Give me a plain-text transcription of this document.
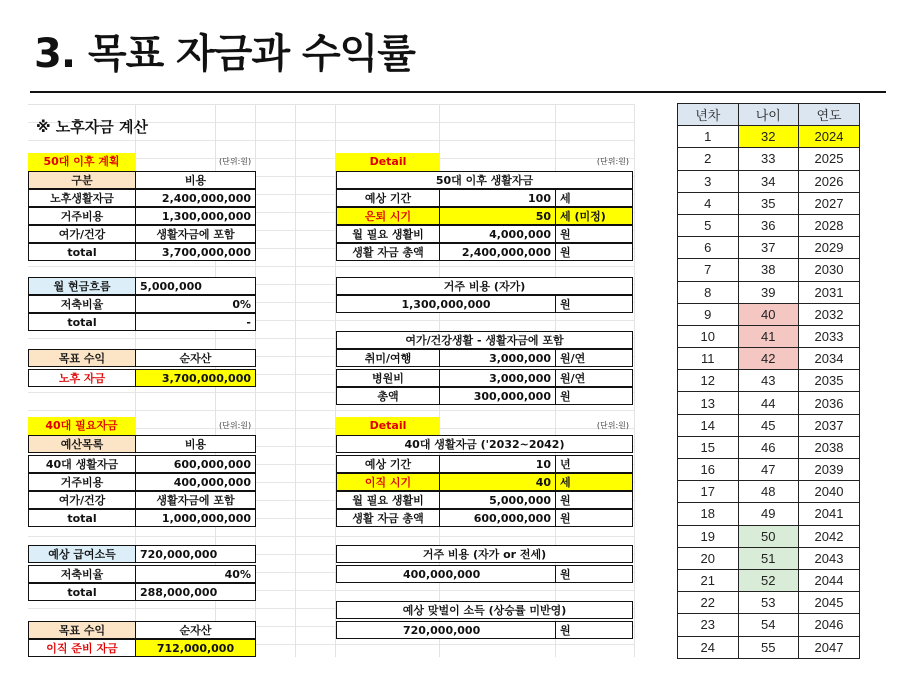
3. 목표 자금과 수익률
※ 노후자금 계산
50대 이후 계획	(단위:원)
구분	비용
노후생활자금	2,400,000,000
거주비용	1,300,000,000
여가/건강	생활자금에 포함
total	3,700,000,000
월 현금흐름	5,000,000
저축비율	0%
total	-
목표 수익	순자산
노후 자금	3,700,000,000
Detail	(단위:원)
50대 이후 생활자금
예상 기간	100 세
은퇴 시기	50 세 (미정)
월 필요 생활비	4,000,000 원
생활 자금 총액	2,400,000,000 원
거주 비용 (자가)
1,300,000,000	원
여가/건강생활 - 생활자금에 포함
취미/여행	3,000,000 원/연
병원비	3,000,000 원/연
총액	300,000,000 원
40대 필요자금	(단위:원)
예산목록	비용
40대 생활자금	600,000,000
거주비용	400,000,000
여가/건강	생활자금에 포함
total	1,000,000,000
예상 급여소득	720,000,000
저축비율	40%
total	288,000,000
목표 수익	순자산
이직 준비 자금	712,000,000
Detail	(단위:원)
40대 생활자금 ('2032~2042)
예상 기간	10 년
이직 시기	40 세
월 필요 생활비	5,000,000 원
생활 자금 총액	600,000,000 원
거주 비용 (자가 or 전세)
400,000,000	원
예상 맞벌이 소득 (상승률 미반영)
720,000,000	원
년차	나이	연도
1	32	2024
2	33	2025
3	34	2026
4	35	2027
5	36	2028
6	37	2029
7	38	2030
8	39	2031
9	40	2032
10	41	2033
11	42	2034
12	43	2035
13	44	2036
14	45	2037
15	46	2038
16	47	2039
17	48	2040
18	49	2041
19	50	2042
20	51	2043
21	52	2044
22	53	2045
23	54	2046
24	55	2047
